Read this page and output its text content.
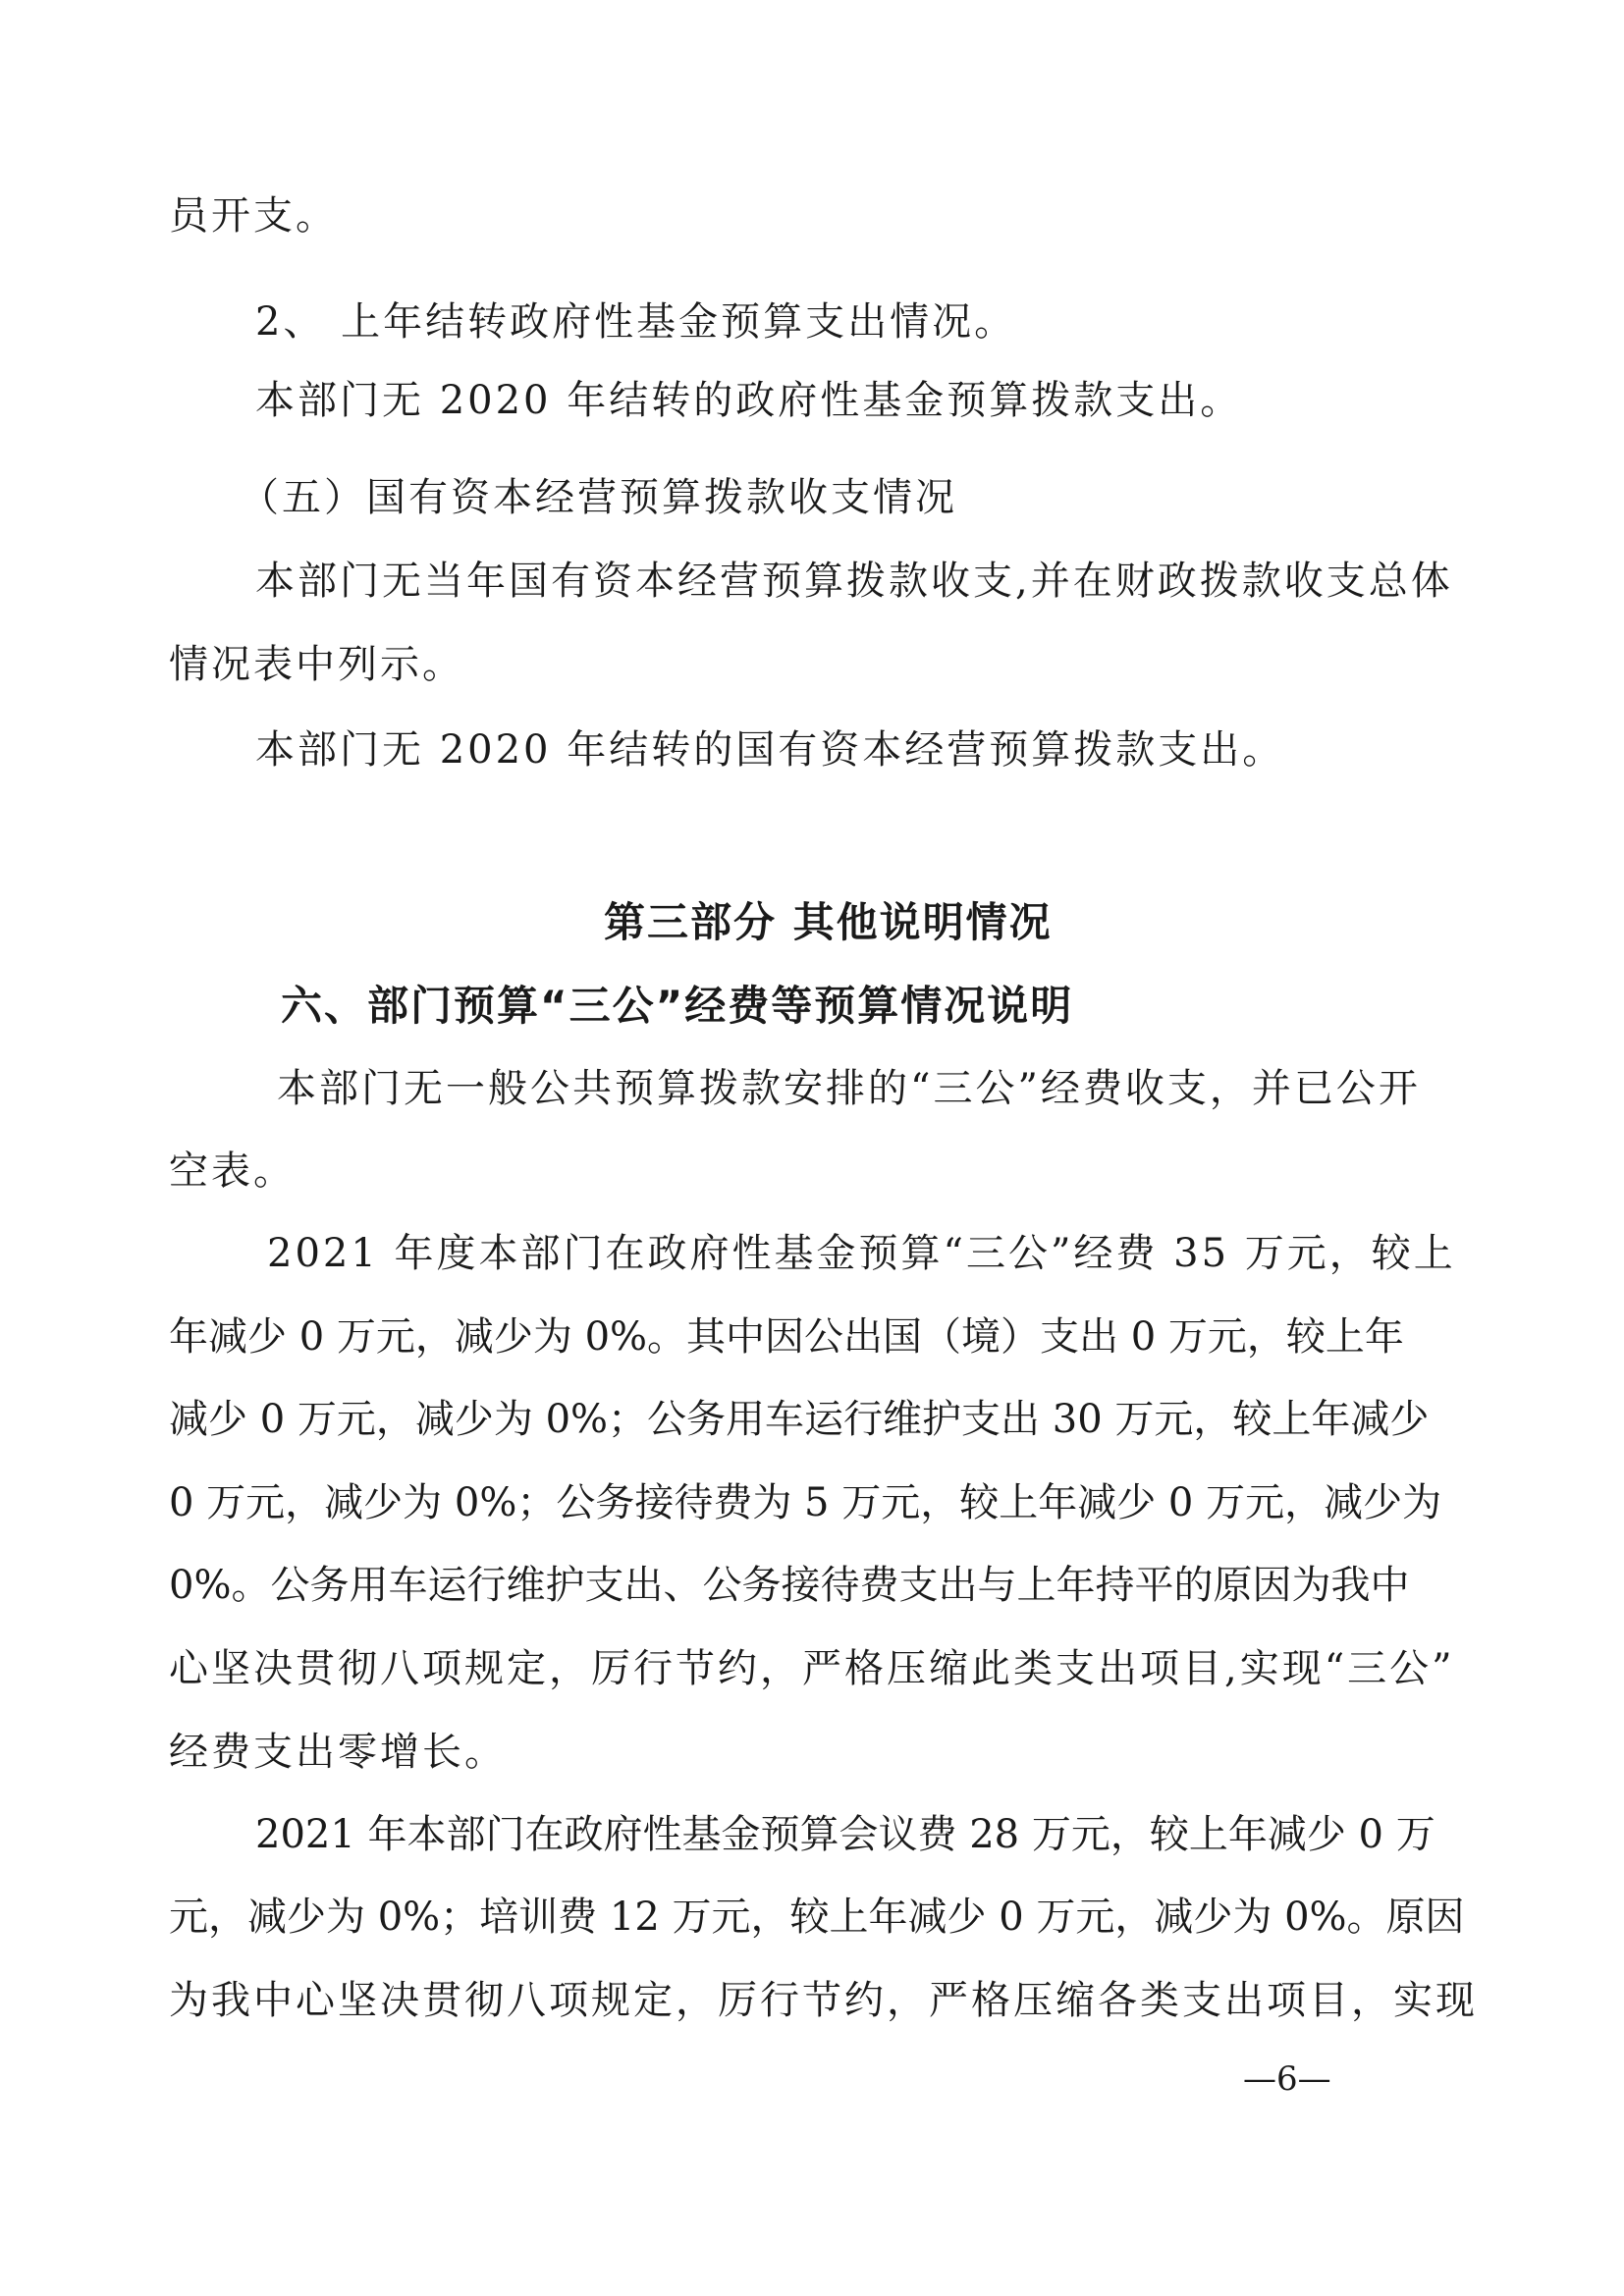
员开支。
2、 上年结转政府性基金预算支出情况。
本部门无 2020 年结转的政府性基金预算拨款支出。
（五）国有资本经营预算拨款收支情况
本部门无当年国有资本经营预算拨款收支,并在财政拨款收支总体
情况表中列示。
本部门无 2020 年结转的国有资本经营预算拨款支出。
第三部分 其他说明情况
六、部门预算“三公”经费等预算情况说明
本部门无一般公共预算拨款安排的“三公”经费收支，并已公开
空表。
2021 年度本部门在政府性基金预算“三公”经费 35 万元，较上
年减少 0 万元，减少为 0%。其中因公出国（境）支出 0 万元，较上年
减少 0 万元，减少为 0%；公务用车运行维护支出 30 万元，较上年减少
0 万元，减少为 0%；公务接待费为 5 万元，较上年减少 0 万元，减少为
0%。公务用车运行维护支出、公务接待费支出与上年持平的原因为我中
心坚决贯彻八项规定，厉行节约，严格压缩此类支出项目,实现“三公”
经费支出零增长。
2021 年本部门在政府性基金预算会议费 28 万元，较上年减少 0 万
元，减少为 0%；培训费 12 万元，较上年减少 0 万元，减少为 0%。原因
为我中心坚决贯彻八项规定，厉行节约，严格压缩各类支出项目，实现
—6—
